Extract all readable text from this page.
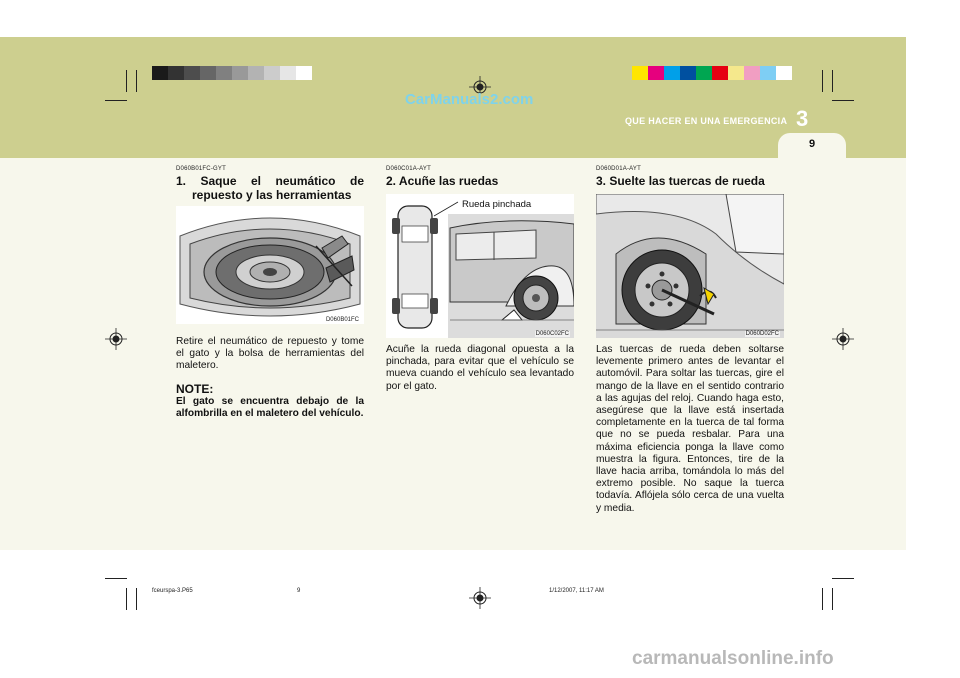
9
QUE HACER EN UNA EMERGENCIA 3
CarManuals2.com
D060B01FC-GYT
1. Saque el neumático de
repuesto y las herramientas
D060B01FC

Retire el neumático de repuesto y tome el gato y la bolsa de herramientas del maletero.

NOTE:

El gato se encuentra debajo de la alfombrilla en el maletero del vehículo.

D060C01A-AYT
2. Acuñe las ruedas
Rueda pinchada
D060C02FC

Acuñe la rueda diagonal opuesta a la pinchada, para evitar que el vehículo se mueva cuando el vehículo sea levantado por el gato.

D060D01A-AYT
3. Suelte las tuercas de rueda
D060D02FC

Las tuercas de rueda deben soltarse levemente primero antes de levantar el automóvil. Para soltar las tuercas, gire el mango de la llave en el sentido contrario a las agujas del reloj. Cuando haga esto, asegúrese que la llave está insertada completamente en la tuerca de tal forma que no se pueda resbalar. Para una máxima eficiencia ponga la llave como muestra la figura. Entonces, tire de la llave hacia arriba, tomándola lo más del extremo posible. No saque la tuerca todavía. Aflójela sólo cerca de una vuelta y media.

fceurspa-3.P65	9	1/12/2007, 11:17 AM
carmanualsonline.info
